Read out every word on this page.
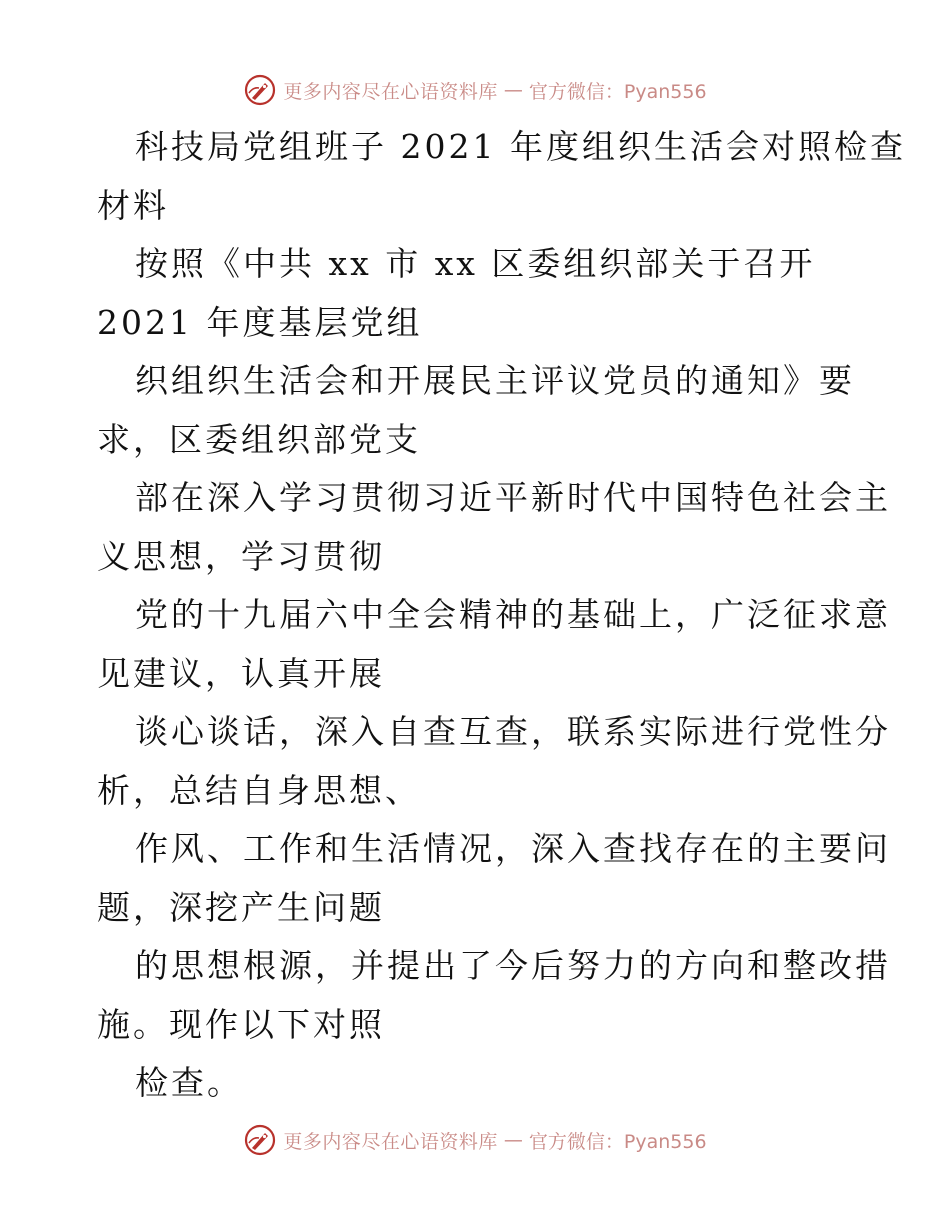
更多内容尽在心语资料库 — 官方微信：Pyan556
科技局党组班子 2021 年度组织生活会对照检查
材料
按照《中共 xx 市 xx 区委组织部关于召开
2021 年度基层党组
织组织生活会和开展民主评议党员的通知》要
求，区委组织部党支
部在深入学习贯彻习近平新时代中国特色社会主
义思想，学习贯彻
党的十九届六中全会精神的基础上，广泛征求意
见建议，认真开展
谈心谈话，深入自查互查，联系实际进行党性分
析，总结自身思想、
作风、工作和生活情况，深入查找存在的主要问
题，深挖产生问题
的思想根源，并提出了今后努力的方向和整改措
施。现作以下对照
检查。
更多内容尽在心语资料库 — 官方微信：Pyan556
